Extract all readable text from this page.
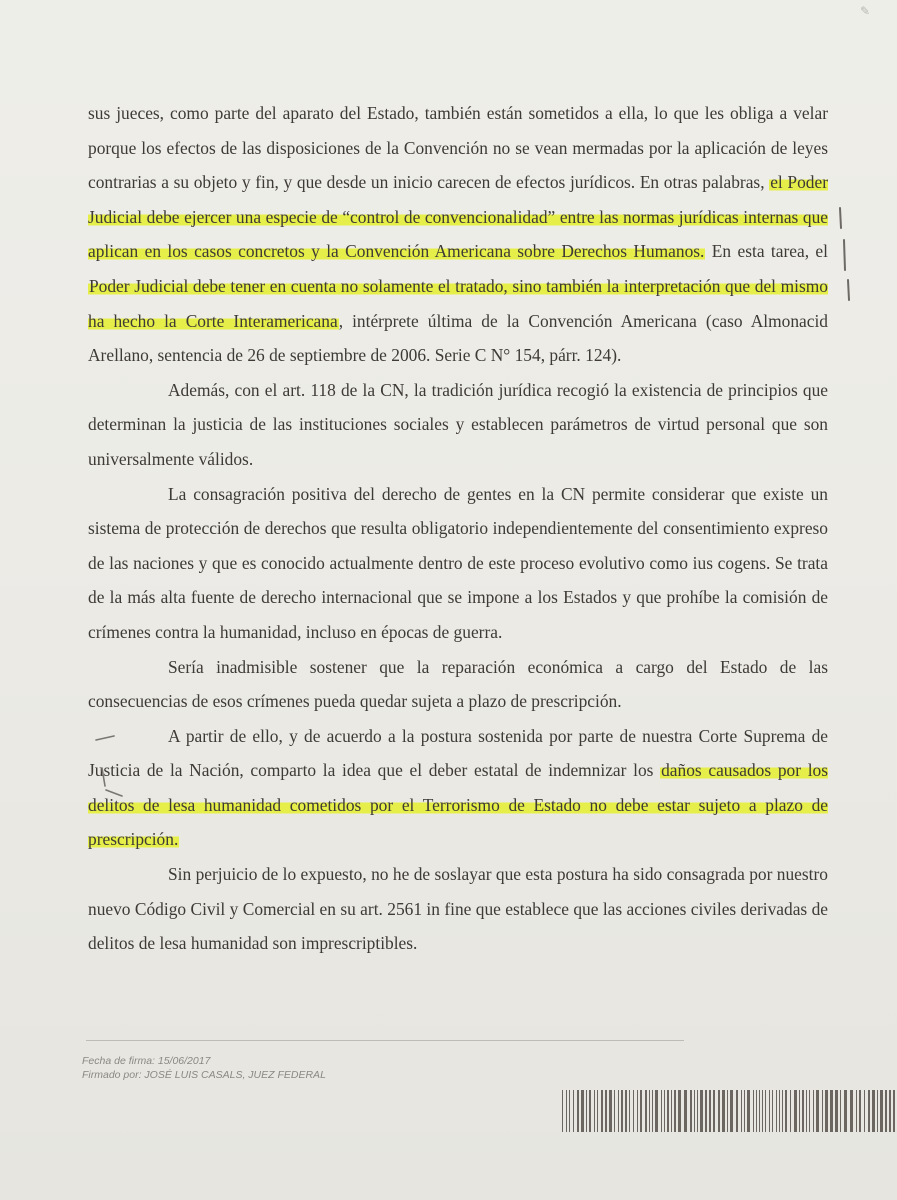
✎

sus jueces, como parte del aparato del Estado, también están sometidos a ella, lo que les obliga a velar porque los efectos de las disposiciones de la Convención no se vean mermadas por la aplicación de leyes contrarias a su objeto y fin, y que desde un inicio carecen de efectos jurídicos. En otras palabras, el Poder Judicial debe ejercer una especie de “control de convencionalidad” entre las normas jurídicas internas que aplican en los casos concretos y la Convención Americana sobre Derechos Humanos. En esta tarea, el Poder Judicial debe tener en cuenta no solamente el tratado, sino también la interpretación que del mismo ha hecho la Corte Interamericana, intérprete última de la Convención Americana (caso Almonacid Arellano, sentencia de 26 de septiembre de 2006. Serie C N° 154, párr. 124).

Además, con el art. 118 de la CN, la tradición jurídica recogió la existencia de principios que determinan la justicia de las instituciones sociales y establecen parámetros de virtud personal que son universalmente válidos.

La consagración positiva del derecho de gentes en la CN permite considerar que existe un sistema de protección de derechos que resulta obligatorio independientemente del consentimiento expreso de las naciones y que es conocido actualmente dentro de este proceso evolutivo como ius cogens. Se trata de la más alta fuente de derecho internacional que se impone a los Estados y que prohíbe la comisión de crímenes contra la humanidad, incluso en épocas de guerra.

Sería inadmisible sostener que la reparación económica a cargo del Estado de las consecuencias de esos crímenes pueda quedar sujeta a plazo de prescripción.

A partir de ello, y de acuerdo a la postura sostenida por parte de nuestra Corte Suprema de Justicia de la Nación, comparto la idea que el deber estatal de indemnizar los daños causados por los delitos de lesa humanidad cometidos por el Terrorismo de Estado no debe estar sujeto a plazo de prescripción.

Sin perjuicio de lo expuesto, no he de soslayar que esta postura ha sido consagrada por nuestro nuevo Código Civil y Comercial en su art. 2561 in fine que establece que las acciones civiles derivadas de delitos de lesa humanidad son imprescriptibles.

Fecha de firma: 15/06/2017
Firmado por: JOSÉ LUIS CASALS, JUEZ FEDERAL
